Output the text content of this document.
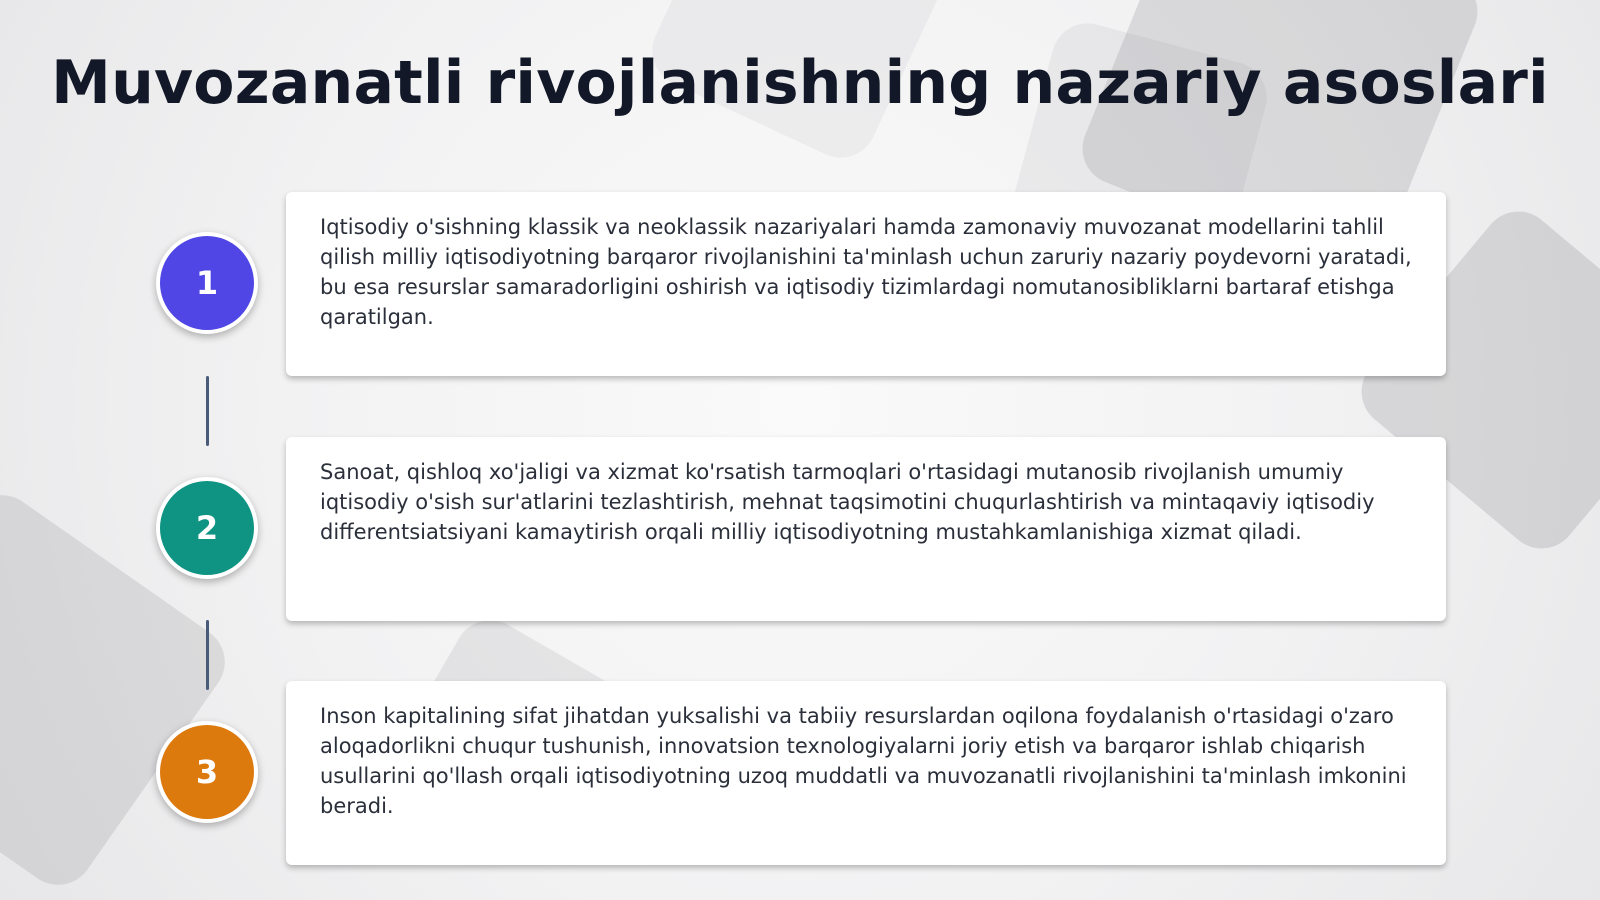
Muvozanatli rivojlanishning nazariy asoslari
1

Iqtisodiy o'sishning klassik va neoklassik nazariyalari hamda zamonaviy muvozanat modellarini tahlil qilish milliy iqtisodiyotning barqaror rivojlanishini ta'minlash uchun zaruriy nazariy poydevorni yaratadi, bu esa resurslar samaradorligini oshirish va iqtisodiy tizimlardagi nomutanosibliklarni bartaraf etishga qaratilgan.

2

Sanoat, qishloq xo'jaligi va xizmat ko'rsatish tarmoqlari o'rtasidagi mutanosib rivojlanish umumiy iqtisodiy o'sish sur'atlarini tezlashtirish, mehnat taqsimotini chuqurlashtirish va mintaqaviy iqtisodiy differentsiatsiyani kamaytirish orqali milliy iqtisodiyotning mustahkamlanishiga xizmat qiladi.

3

Inson kapitalining sifat jihatdan yuksalishi va tabiiy resurslardan oqilona foydalanish o'rtasidagi o'zaro aloqadorlikni chuqur tushunish, innovatsion texnologiyalarni joriy etish va barqaror ishlab chiqarish usullarini qo'llash orqali iqtisodiyotning uzoq muddatli va muvozanatli rivojlanishini ta'minlash imkonini beradi.
